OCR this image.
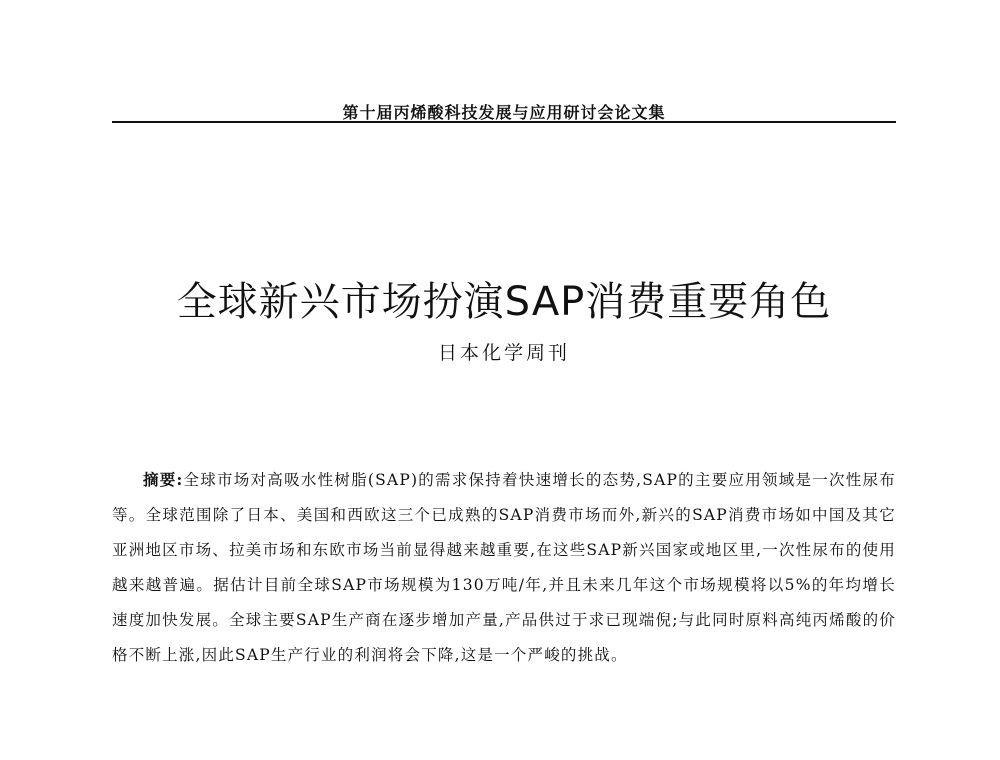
第十届丙烯酸科技发展与应用研讨会论文集
全球新兴市场扮演SAP消费重要角色
日本化学周刊

摘要:全球市场对高吸水性树脂(SAP)的需求保持着快速增长的态势,SAP的主要应用领域是一次性尿布等。全球范围除了日本、美国和西欧这三个已成熟的SAP消费市场而外,新兴的SAP消费市场如中国及其它亚洲地区市场、拉美市场和东欧市场当前显得越来越重要,在这些SAP新兴国家或地区里,一次性尿布的使用越来越普遍。据估计目前全球SAP市场规模为130万吨/年,并且未来几年这个市场规模将以5%的年均增长速度加快发展。全球主要SAP生产商在逐步增加产量,产品供过于求已现端倪;与此同时原料高纯丙烯酸的价格不断上涨,因此SAP生产行业的利润将会下降,这是一个严峻的挑战。
